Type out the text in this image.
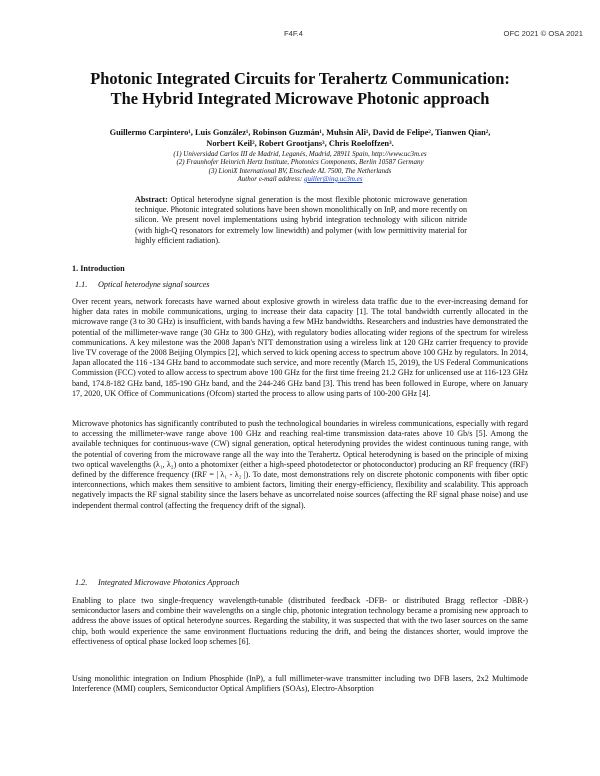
F4F.4	OFC 2021 © OSA 2021
Photonic Integrated Circuits for Terahertz Communication:
The Hybrid Integrated Microwave Photonic approach
Guillermo Carpintero¹, Luis González¹, Robinson Guzmán¹, Muhsin Ali¹, David de Felipe², Tianwen Qian²,
Norbert Keil², Robert Grootjans³, Chris Roeloffzen³.
(1) Universidad Carlos III de Madrid, Leganés, Madrid, 28911 Spain, http://www.uc3m.es
(2) Fraunhofer Heinrich Hertz Institute, Photonics Components, Berlin 10587 Germany
(3) LioniX International BV, Enschede AL 7500, The Netherlands
Author e-mail address: guiller@ing.uc3m.es
Abstract: Optical heterodyne signal generation is the most flexible photonic microwave generation technique. Photonic integrated solutions have been shown monolithically on InP, and more recently on silicon. We present novel implementations using hybrid integration technology with silicon nitride (with high-Q resonators for extremely low linewidth) and polymer (with low permittivity material for highly efficient radiation).
1. Introduction
1.1. Optical heterodyne signal sources
Over recent years, network forecasts have warned about explosive growth in wireless data traffic due to the ever-increasing demand for higher data rates in mobile communications, urging to increase their data capacity [1]. The total bandwidth currently allocated in the microwave range (3 to 30 GHz) is insufficient, with bands having a few MHz bandwidths. Researchers and industries have demonstrated the potential of the millimeter-wave range (30 GHz to 300 GHz), with regulatory bodies allocating wider regions of the spectrum for wireless communications. A key milestone was the 2008 Japan's NTT demonstration using a wireless link at 120 GHz carrier frequency to provide live TV coverage of the 2008 Beijing Olympics [2], which served to kick opening access to spectrum above 100 GHz by regulators. In 2014, Japan allocated the 116 -134 GHz band to accommodate such service, and more recently (March 15, 2019), the US Federal Communications Commission (FCC) voted to allow access to spectrum above 100 GHz for the first time freeing 21.2 GHz for unlicensed use at 116-123 GHz band, 174.8-182 GHz band, 185-190 GHz band, and the 244-246 GHz band [3]. This trend has been followed in Europe, where on January 17, 2020, UK Office of Communications (Ofcom) started the process to allow using parts of 100-200 GHz [4].
Microwave photonics has significantly contributed to push the technological boundaries in wireless communications, especially with regard to accessing the millimeter-wave range above 100 GHz and reaching real-time transmission data-rates above 10 Gb/s [5]. Among the available techniques for continuous-wave (CW) signal generation, optical heterodyning provides the widest continuous tuning range, with the potential of covering from the microwave range all the way into the Terahertz. Optical heterodyning is based on the principle of mixing two optical wavelengths (λ₁, λ₂) onto a photomixer (either a high-speed photodetector or photoconductor) producing an RF frequency (fRF) defined by the difference frequency (fRF = | λ₁ - λ₂ |). To date, most demonstrations rely on discrete photonic components with fiber optic interconnections, which makes them sensitive to ambient factors, limiting their energy-efficiency, flexibility and scalability. This approach negatively impacts the RF signal stability since the lasers behave as uncorrelated noise sources (affecting the RF signal phase noise) and use independent thermal control (affecting the frequency drift of the signal).
1.2. Integrated Microwave Photonics Approach
Enabling to place two single-frequency wavelength-tunable (distributed feedback -DFB- or distributed Bragg reflector -DBR-) semiconductor lasers and combine their wavelengths on a single chip, photonic integration technology became a promising new approach to address the above issues of optical heterodyne sources. Regarding the stability, it was suspected that with the two laser sources on the same chip, both would experience the same environment fluctuations reducing the drift, and being the distances shorter, would improve the effectiveness of optical phase locked loop schemes [6].
Using monolithic integration on Indium Phosphide (InP), a full millimeter-wave transmitter including two DFB lasers, 2x2 Multimode Interference (MMI) couplers, Semiconductor Optical Amplifiers (SOAs), Electro-Absorption
